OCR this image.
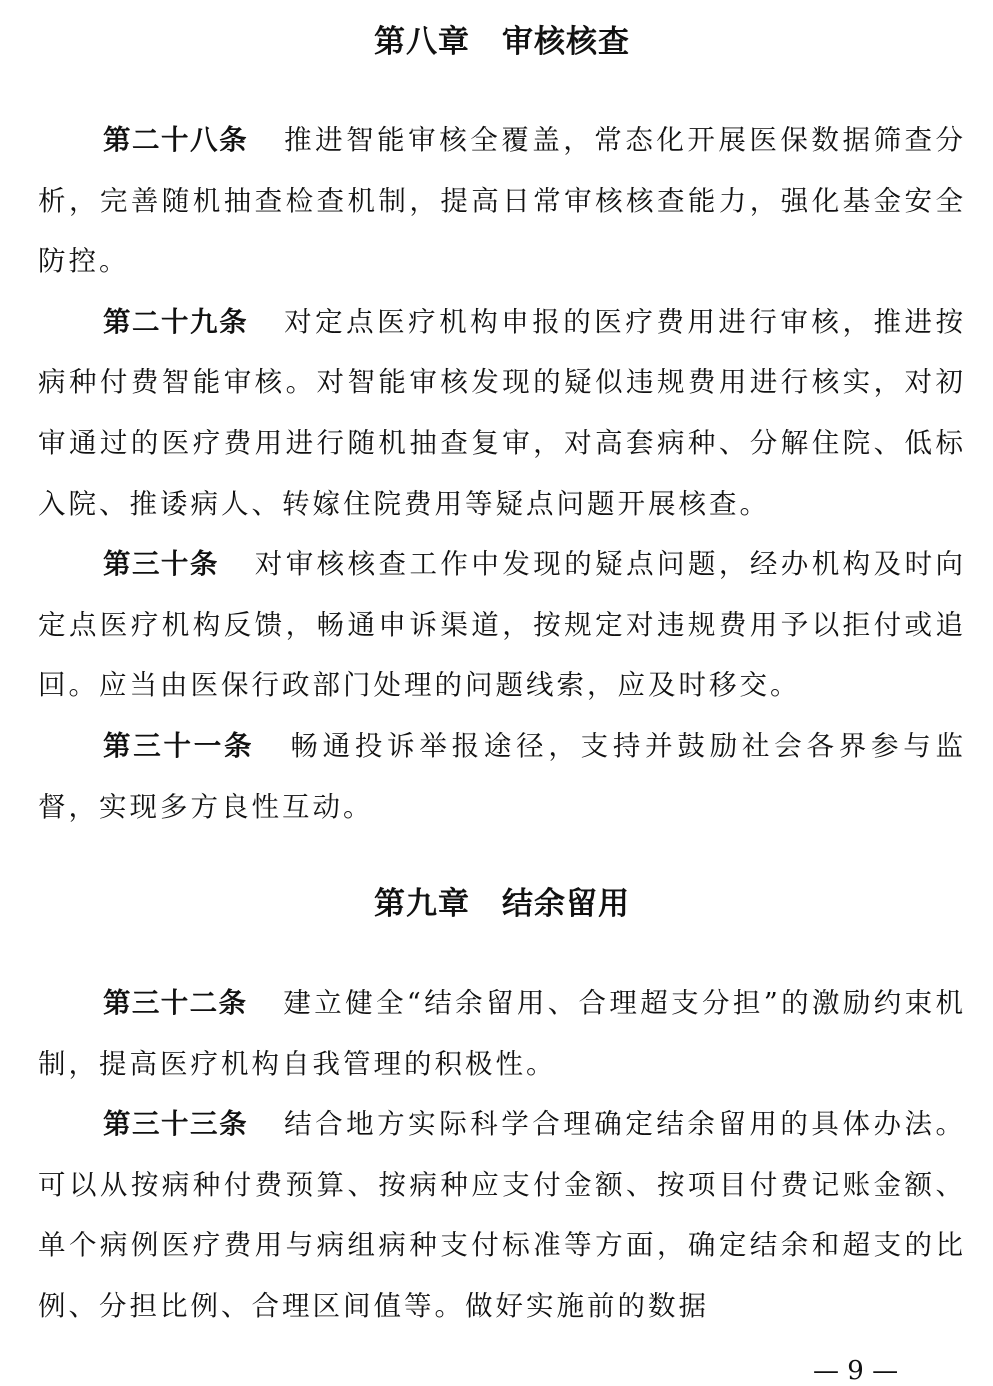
第八章　审核核查

第二十八条 推进智能审核全覆盖，常态化开展医保数据筛查分析，完善随机抽查检查机制，提高日常审核核查能力，强化基金安全防控。

第二十九条 对定点医疗机构申报的医疗费用进行审核，推进按病种付费智能审核。对智能审核发现的疑似违规费用进行核实，对初审通过的医疗费用进行随机抽查复审，对高套病种、分解住院、低标入院、推诿病人、转嫁住院费用等疑点问题开展核查。

第三十条 对审核核查工作中发现的疑点问题，经办机构及时向定点医疗机构反馈，畅通申诉渠道，按规定对违规费用予以拒付或追回。应当由医保行政部门处理的问题线索，应及时移交。

第三十一条 畅通投诉举报途径，支持并鼓励社会各界参与监督，实现多方良性互动。

第九章　结余留用

第三十二条 建立健全“结余留用、合理超支分担”的激励约束机制，提高医疗机构自我管理的积极性。

第三十三条 结合地方实际科学合理确定结余留用的具体办法。可以从按病种付费预算、按病种应支付金额、按项目付费记账金额、单个病例医疗费用与病组病种支付标准等方面，确定结余和超支的比例、分担比例、合理区间值等。做好实施前的数据

— 9 —
